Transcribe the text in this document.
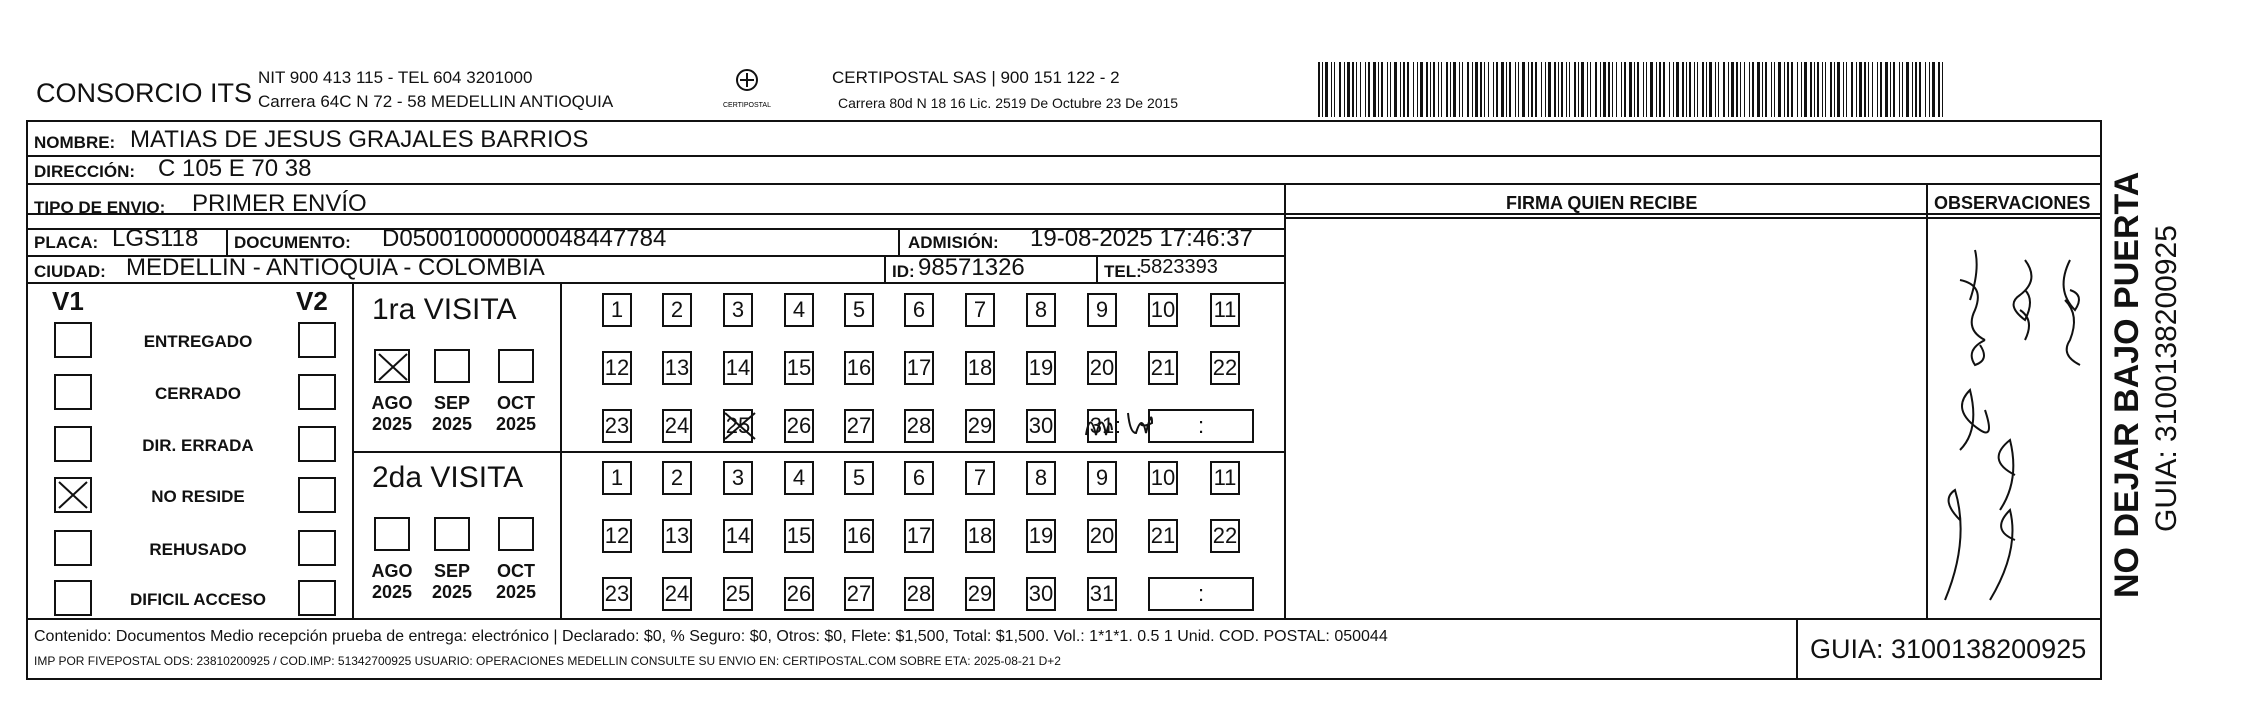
CONSORCIO ITS
NIT 900 413 115 - TEL 604 3201000
Carrera 64C N 72 - 58 MEDELLIN ANTIOQUIA	CERTIPOSTAL
CERTIPOSTAL SAS | 900 151 122 - 2
Carrera 80d N 18 16 Lic. 2519 De Octubre 23 De 2015
NOMBRE: MATIAS DE JESUS GRAJALES BARRIOS
DIRECCIÓN: C 105 E 70 38
TIPO DE ENVIO: PRIMER ENVÍO
PLACA: LGS118 DOCUMENTO: D05001000000048447784	ADMISIÓN: 19-08-2025 17:46:37
CIUDAD: MEDELLIN - ANTIOQUIA - COLOMBIA	ID: 98571326	TEL:
5823393
FIRMA QUIEN RECIBE	OBSERVACIONES
V1	V2
ENTREGADO
CERRADO
DIR. ERRADA
NO RESIDE
REHUSADO
DIFICIL ACCESO
1ra VISITA
AGO
2025
SEP
2025
OCT
2025
1	2	3	4	5	6	7	8	9	10 11
12 13 14 15 16 17 18 19 20 21 22
23 24 25 26 27 28 29 30 31	:
2da VISITA
AGO
2025
SEP
2025
OCT
2025
1	2	3	4	5	6	7	8	9	10 11
12 13 14 15 16 17 18 19 20 21 22
23 24 25 26 27 28 29 30 31	:
Contenido: Documentos Medio recepción prueba de entrega: electrónico | Declarado: $0, % Seguro: $0, Otros: $0, Flete: $1,500, Total: $1,500. Vol.: 1*1*1. 0.5 1 Unid. COD. POSTAL: 050044
IMP POR FIVEPOSTAL ODS: 23810200925 / COD.IMP: 51342700925 USUARIO: OPERACIONES MEDELLIN CONSULTE SU ENVIO EN: CERTIPOSTAL.COM SOBRE ETA: 2025-08-21 D+2	GUIA: 3100138200925
NO DEJAR BAJO PUERTA GUIA: 3100138200925
